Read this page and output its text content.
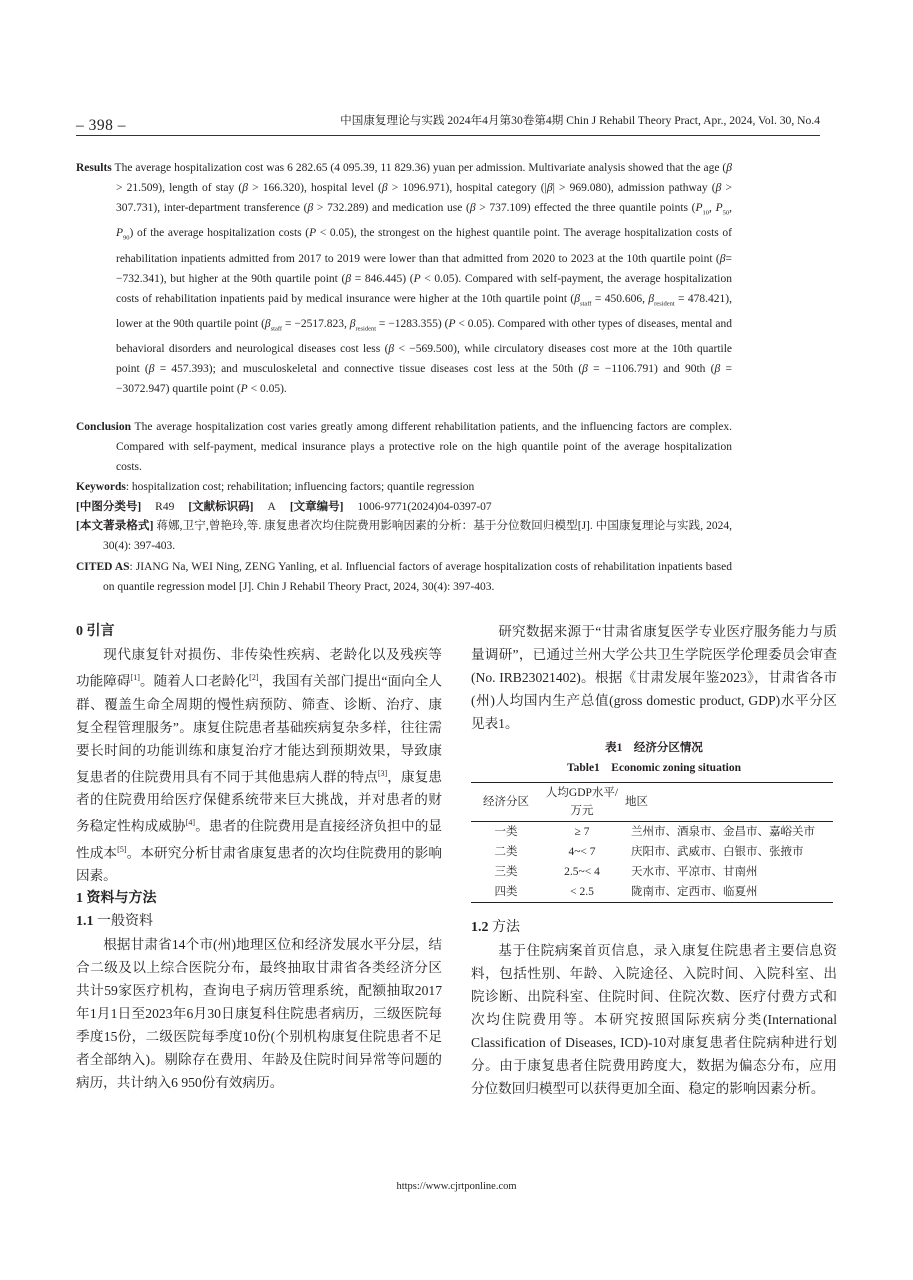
– 398 –	中国康复理论与实践 2024年4月第30卷第4期 Chin J Rehabil Theory Pract, Apr., 2024, Vol. 30, No.4
Results The average hospitalization cost was 6 282.65 (4 095.39, 11 829.36) yuan per admission. Multivariate analysis showed that the age (β > 21.509), length of stay (β > 166.320), hospital level (β > 1096.971), hospital category (|β| > 969.080), admission pathway (β > 307.731), inter-department transference (β > 732.289) and medication use (β > 737.109) effected the three quantile points ($P_{10}$, $P_{50}$, $P_{90}$) of the average hospitalization costs (P < 0.05), the strongest on the highest quantile point. The average hospitalization costs of rehabilitation inpatients admitted from 2017 to 2019 were lower than that admitted from 2020 to 2023 at the 10th quartile point (β= −732.341), but higher at the 90th quartile point (β = 846.445) (P < 0.05). Compared with self-payment, the average hospitalization costs of rehabilitation inpatients paid by medical insurance were higher at the 10th quartile point ($\beta_{staff} = 450.606$, $\beta_{resident} = 478.421$), lower at the 90th quartile point ($\beta_{staff} = -2517.823$, $\beta_{resident} = -1283.355$) (P < 0.05). Compared with other types of diseases, mental and behavioral disorders and neurological diseases cost less (β < −569.500), while circulatory diseases cost more at the 10th quartile point (β = 457.393); and musculoskeletal and connective tissue diseases cost less at the 50th (β = −1106.791) and 90th (β = −3072.947) quartile point (P < 0.05).
Conclusion The average hospitalization cost varies greatly among different rehabilitation patients, and the influencing factors are complex. Compared with self-payment, medical insurance plays a protective role on the high quantile point of the average hospitalization costs.
Keywords: hospitalization cost; rehabilitation; influencing factors; quantile regression
[中图分类号] R49 [文献标识码] A [文章编号] 1006-9771(2024)04-0397-07
[本文著录格式] 蒋娜,卫宁,曾艳玲,等. 康复患者次均住院费用影响因素的分析：基于分位数回归模型[J]. 中国康复理论与实践, 2024, 30(4): 397-403.
CITED AS: JIANG Na, WEI Ning, ZENG Yanling, et al. Influencial factors of average hospitalization costs of rehabilitation inpatients based on quantile regression model [J]. Chin J Rehabil Theory Pract, 2024, 30(4): 397-403.
0 引言
现代康复针对损伤、非传染性疾病、老龄化以及残疾等功能障碍[1]。随着人口老龄化[2]，我国有关部门提出“面向全人群、覆盖生命全周期的慢性病预防、筛查、诊断、治疗、康复全程管理服务”。康复住院患者基础疾病复杂多样，往往需要长时间的功能训练和康复治疗才能达到预期效果，导致康复患者的住院费用具有不同于其他患病人群的特点[3]，康复患者的住院费用给医疗保健系统带来巨大挑战，并对患者的财务稳定性构成威胁[4]。患者的住院费用是直接经济负担中的显性成本[5]。本研究分析甘肃省康复患者的次均住院费用的影响因素。
1 资料与方法
1.1 一般资料
根据甘肃省14个市(州)地理区位和经济发展水平分层，结合二级及以上综合医院分布，最终抽取甘肃省各类经济分区共计59家医疗机构，查询电子病历管理系统，配额抽取2017年1月1日至2023年6月30日康复科住院患者病历，三级医院每季度15份，二级医院每季度10份(个别机构康复住院患者不足者全部纳入)。剔除存在费用、年龄及住院时间异常等问题的病历，共计纳入6 950份有效病历。
研究数据来源于“甘肃省康复医学专业医疗服务能力与质量调研”，已通过兰州大学公共卫生学院医学伦理委员会审查(No. IRB23021402)。根据《甘肃发展年鉴2023》，甘肃省各市(州)人均国内生产总值(gross domestic product, GDP)水平分区见表1。
表1　经济分区情况
Table1　Economic zoning situation
经济分区	人均GDP水平/万元	地区
一类	≥ 7	兰州市、酒泉市、金昌市、嘉峪关市
二类	4~< 7	庆阳市、武威市、白银市、张掖市
三类	2.5~< 4	天水市、平凉市、甘南州
四类	< 2.5	陇南市、定西市、临夏州
1.2 方法
基于住院病案首页信息，录入康复住院患者主要信息资料，包括性别、年龄、入院途径、入院时间、入院科室、出院诊断、出院科室、住院时间、住院次数、医疗付费方式和次均住院费用等。本研究按照国际疾病分类(International Classification of Diseases, ICD)-10对康复患者住院病种进行划分。由于康复患者住院费用跨度大，数据为偏态分布，应用分位数回归模型可以获得更加全面、稳定的影响因素分析。
https://www.cjrtponline.com
